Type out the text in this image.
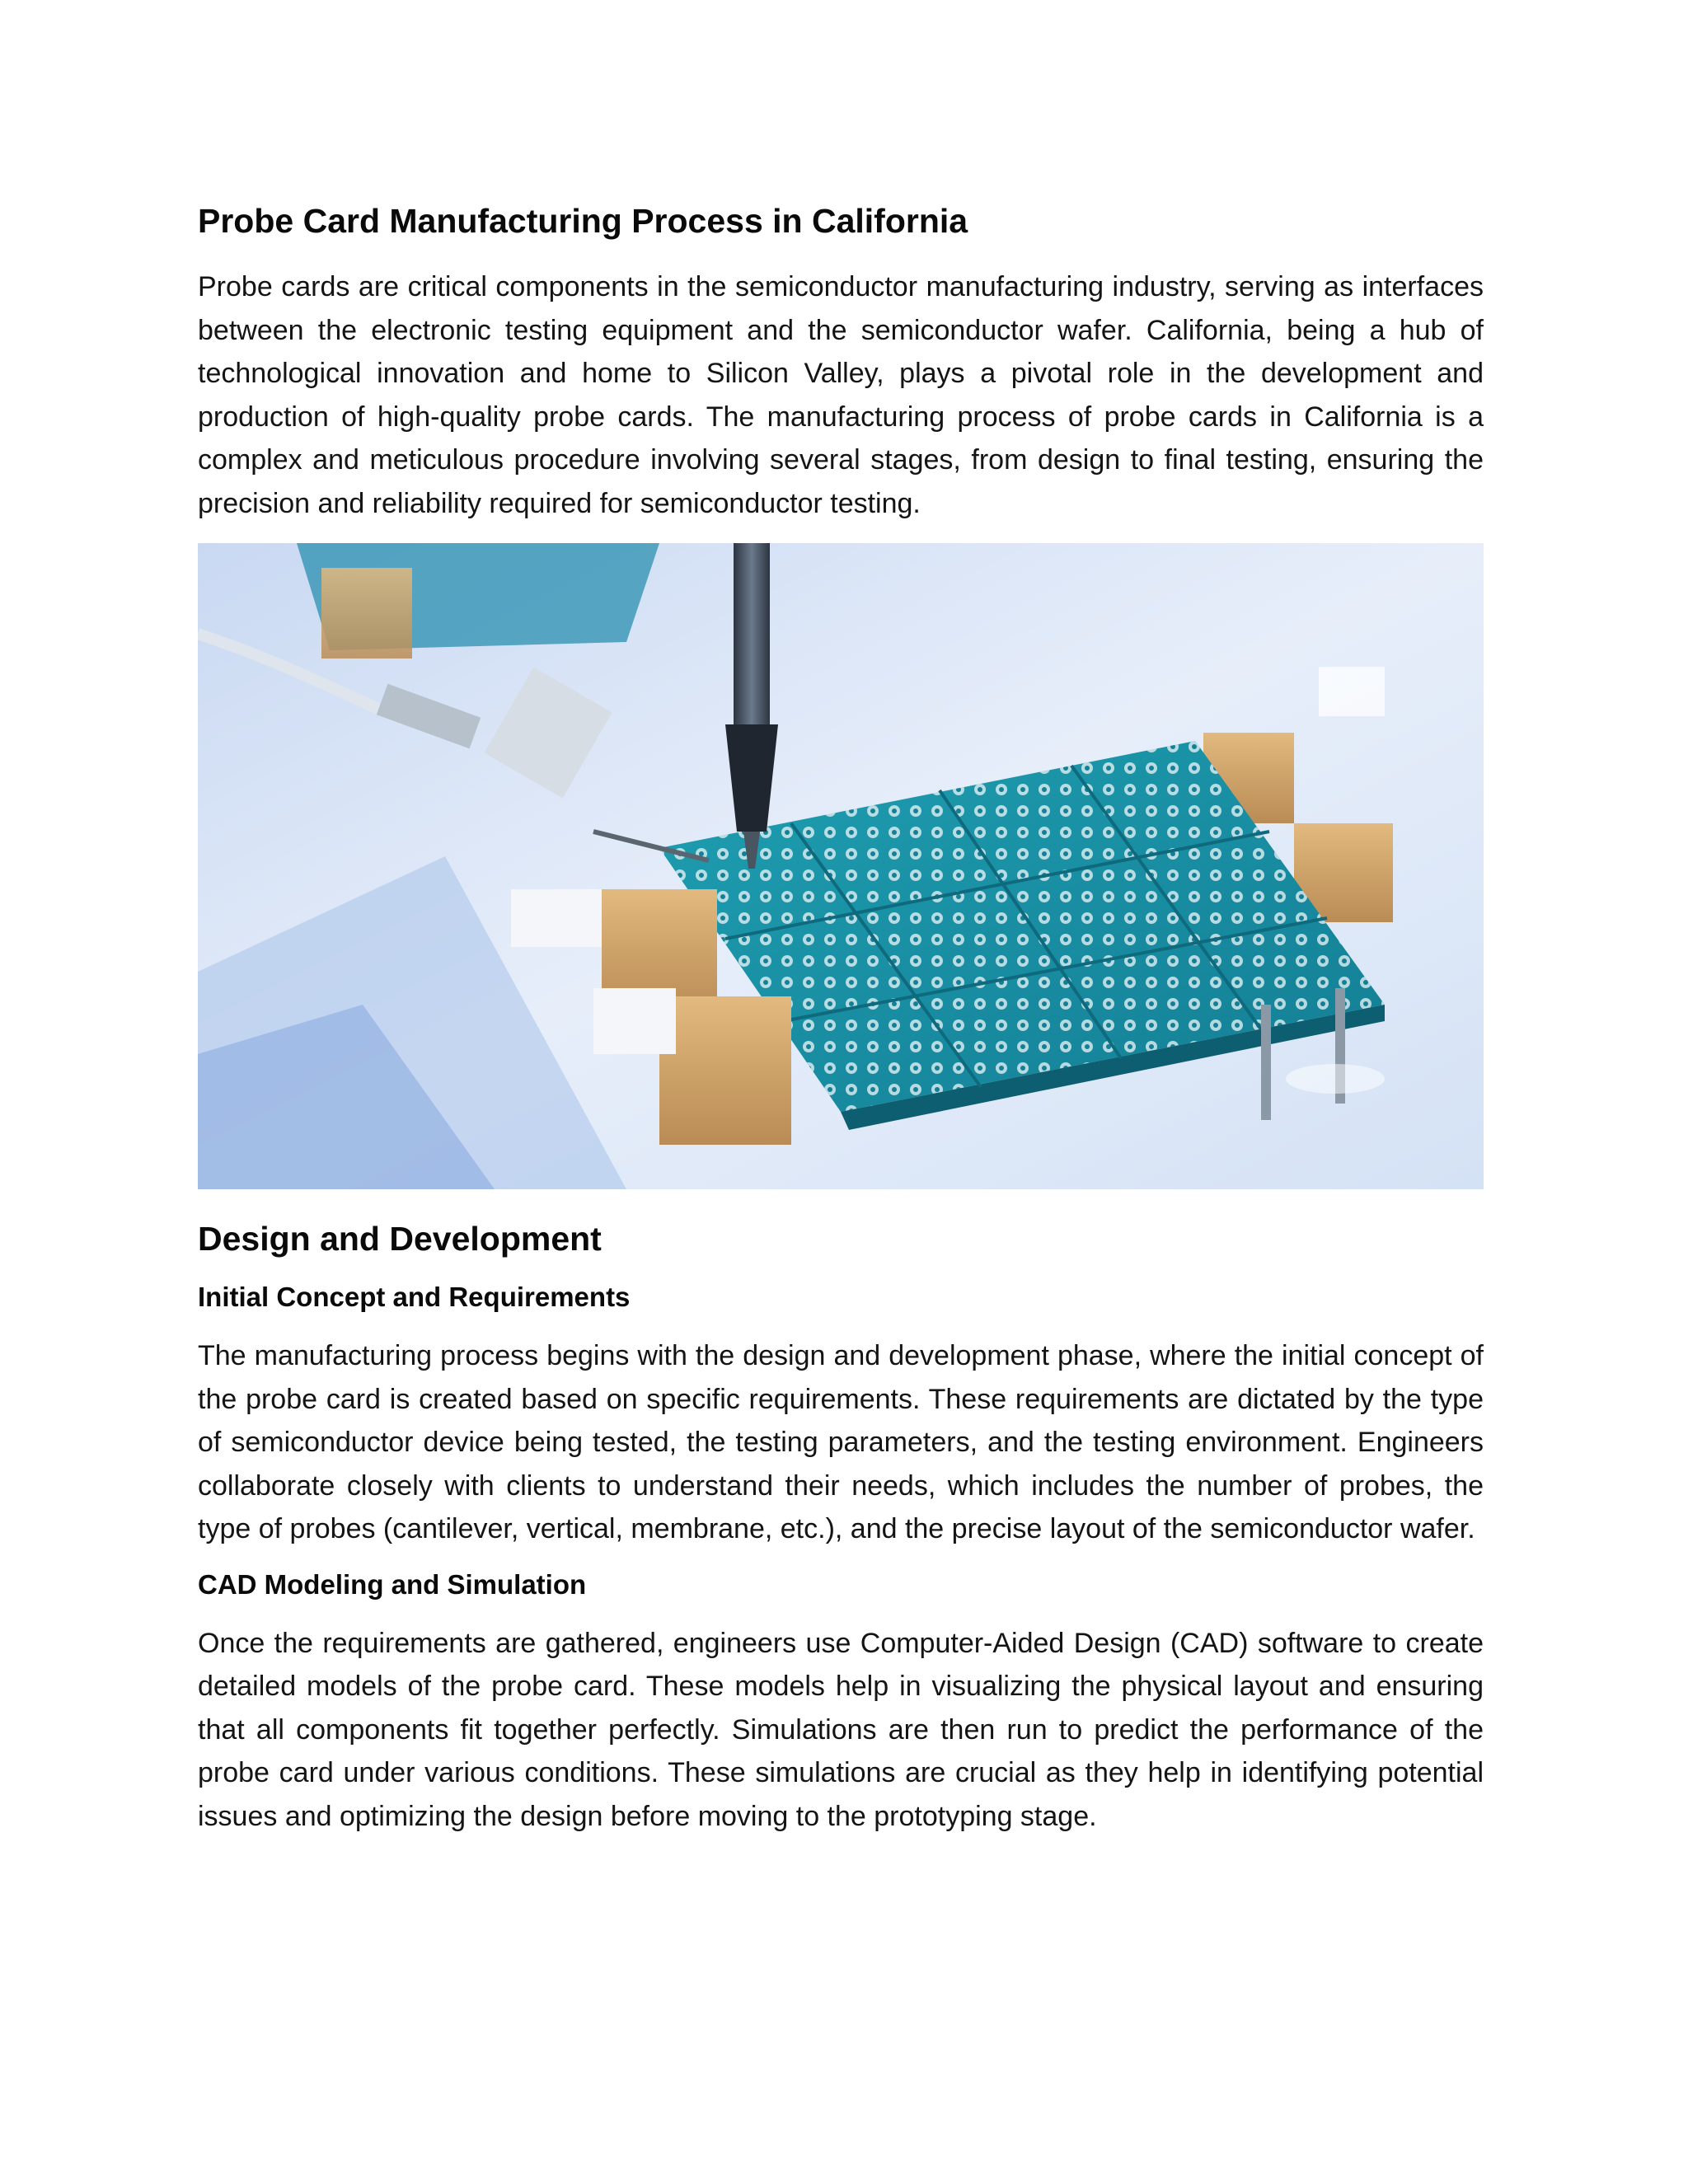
Probe Card Manufacturing Process in California

Probe cards are critical components in the semiconductor manufacturing industry, serving as interfaces between the electronic testing equipment and the semiconductor wafer. California, being a hub of technological innovation and home to Silicon Valley, plays a pivotal role in the development and production of high-quality probe cards. The manufacturing process of probe cards in California is a complex and meticulous procedure involving several stages, from design to final testing, ensuring the precision and reliability required for semiconductor testing.

Design and Development
Initial Concept and Requirements

The manufacturing process begins with the design and development phase, where the initial concept of the probe card is created based on specific requirements. These requirements are dictated by the type of semiconductor device being tested, the testing parameters, and the testing environment. Engineers collaborate closely with clients to understand their needs, which includes the number of probes, the type of probes (cantilever, vertical, membrane, etc.), and the precise layout of the semiconductor wafer.

CAD Modeling and Simulation

Once the requirements are gathered, engineers use Computer-Aided Design (CAD) software to create detailed models of the probe card. These models help in visualizing the physical layout and ensuring that all components fit together perfectly. Simulations are then run to predict the performance of the probe card under various conditions. These simulations are crucial as they help in identifying potential issues and optimizing the design before moving to the prototyping stage.
